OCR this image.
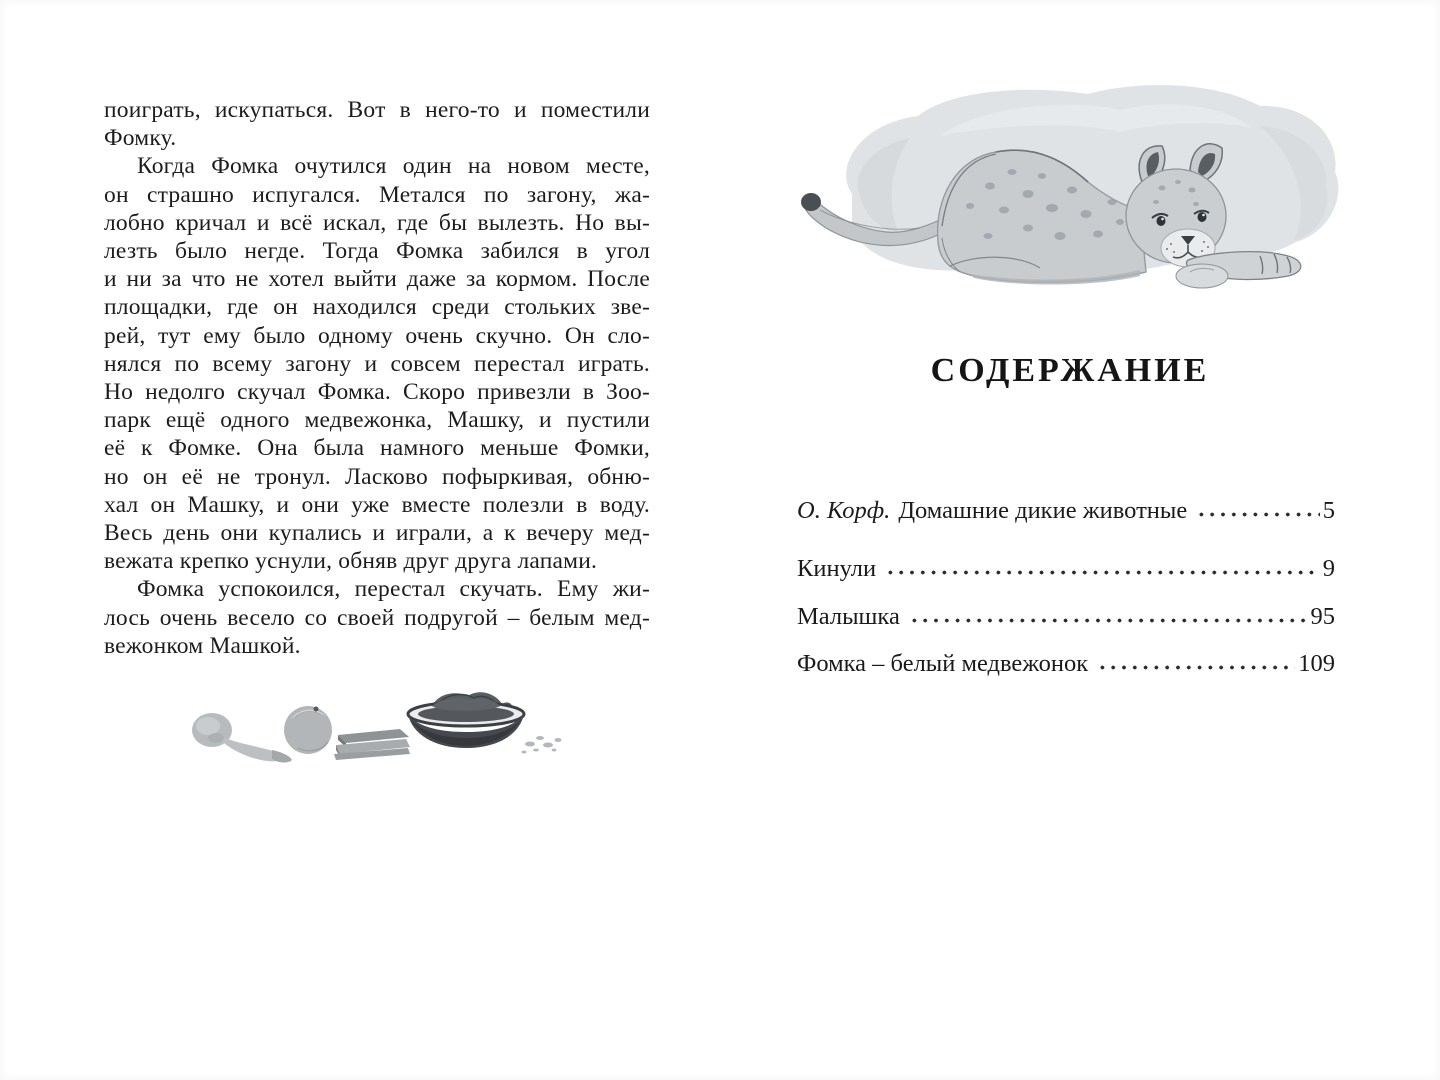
поиграть, искупаться. Вот в него-то и поместили
Фомку.
Когда Фомка очутился один на новом месте,
он страшно испугался. Метался по загону, жа-
лобно кричал и всё искал, где бы вылезть. Но вы-
лезть было негде. Тогда Фомка забился в угол
и ни за что не хотел выйти даже за кормом. После
площадки, где он находился среди стольких зве-
рей, тут ему было одному очень скучно. Он сло-
нялся по всему загону и совсем перестал играть.
Но недолго скучал Фомка. Скоро привезли в Зоо-
парк ещё одного медвежонка, Машку, и пустили
её к Фомке. Она была намного меньше Фомки,
но он её не тронул. Ласково пофыркивая, обню-
хал он Машку, и они уже вместе полезли в воду.
Весь день они купались и играли, а к вечеру мед-
вежата крепко уснули, обняв друг друга лапами.
Фомка успокоился, перестал скучать. Ему жи-
лось очень весело со своей подругой – белым мед-
вежонком Машкой.
СОДЕРЖАНИЕ
О. Корф. Домашние дикие животные	5
Кинули	9
Малышка	95
Фомка – белый медвежонок	109
